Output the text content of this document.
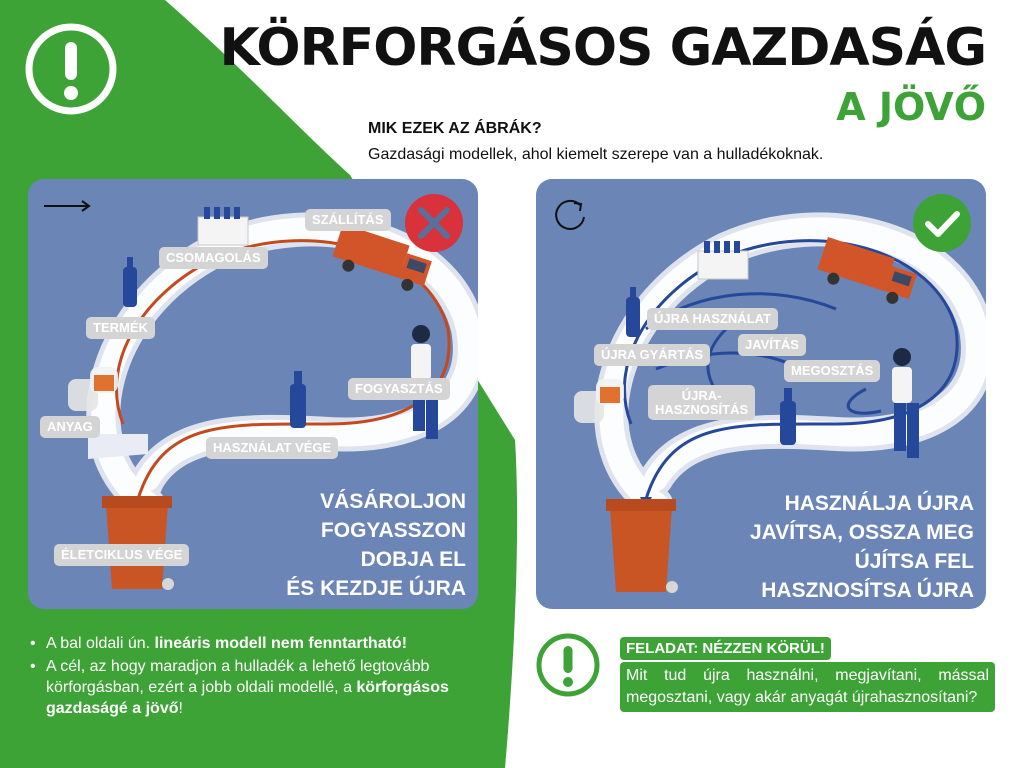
KÖRFORGÁSOS GAZDASÁG
A JÖVŐ
MIK EZEK AZ ÁBRÁK?
Gazdasági modellek, ahol kiemelt szerepe van a hulladékoknak.
SZÁLLÍTÁS
CSOMAGOLÁS
TERMÉK
FOGYASZTÁS
ANYAG
HASZNÁLAT VÉGE
ÉLETCIKLUS VÉGE
VÁSÁROLJON
FOGYASSZON
DOBJA EL
ÉS KEZDJE ÚJRA
ÚJRA HASZNÁLAT
ÚJRA GYÁRTÁS
JAVÍTÁS
MEGOSZTÁS
ÚJRA-
HASZNOSÍTÁS
HASZNÁLJA ÚJRA
JAVÍTSA, OSSZA MEG
ÚJÍTSA FEL
HASZNOSÍTSA ÚJRA
• A bal oldali ún. lineáris modell nem fenntartható!
• A cél, az hogy maradjon a hulladék a lehető legtovább körforgásban, ezért a jobb oldali modellé, a körforgásos gazdaságé a jövő!
FELADAT: NÉZZEN KÖRÜL!
Mit tud újra használni, megjavítani, mással megosztani, vagy akár anyagát újrahasznosítani?
